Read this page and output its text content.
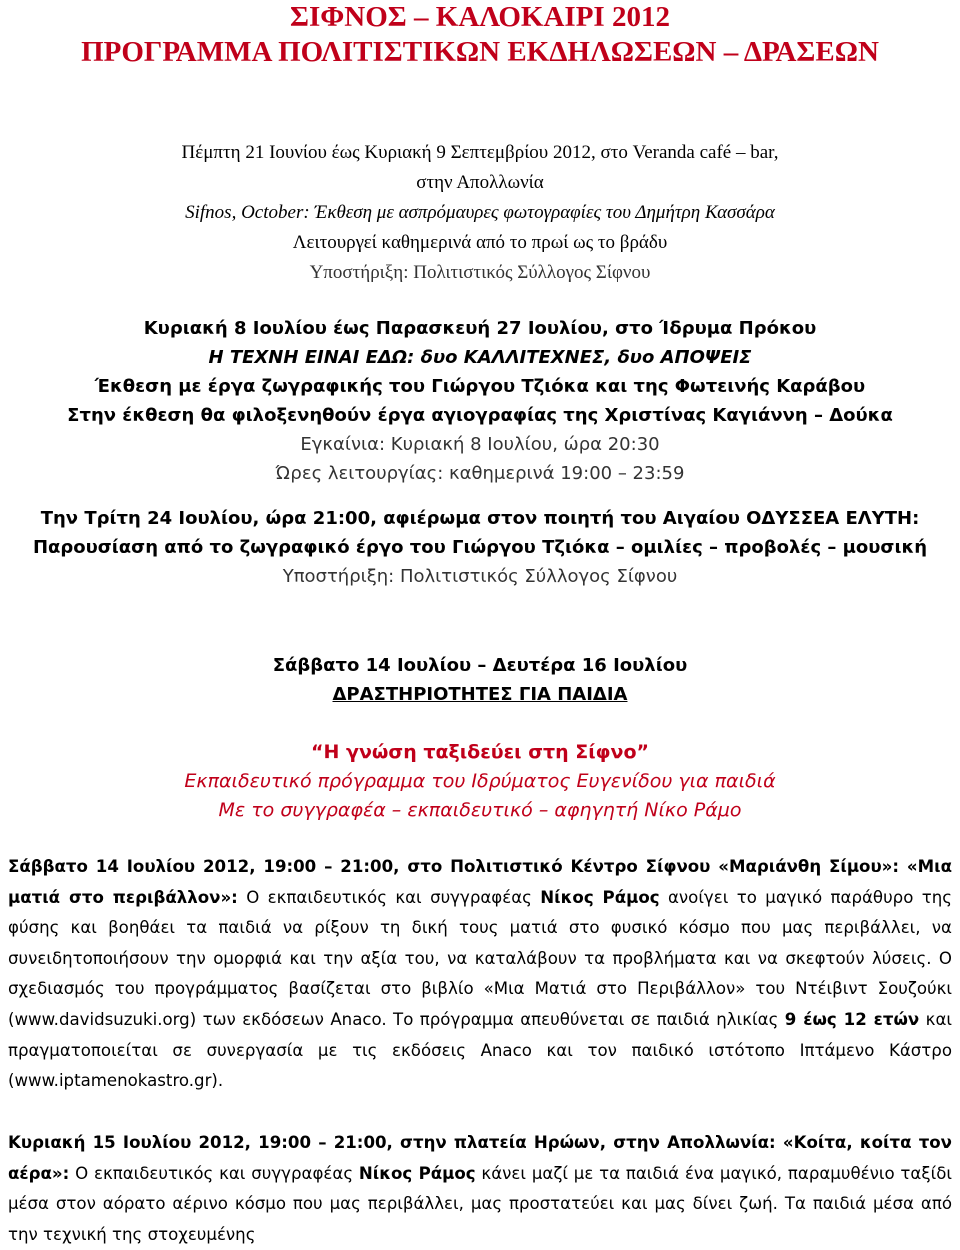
ΣΙΦΝΟΣ – ΚΑΛΟΚΑΙΡΙ 2012
ΠΡΟΓΡΑΜΜΑ ΠΟΛΙΤΙΣΤΙΚΩΝ ΕΚΔΗΛΩΣΕΩΝ – ΔΡΑΣΕΩΝ
Πέμπτη 21 Ιουνίου έως Κυριακή 9 Σεπτεμβρίου 2012, στο Veranda café – bar,
στην Απολλωνία
Sifnos, October: Έκθεση με ασπρόμαυρες φωτογραφίες του Δημήτρη Κασσάρα
Λειτουργεί καθημερινά από το πρωί ως το βράδυ
Υποστήριξη: Πολιτιστικός Σύλλογος Σίφνου
Κυριακή 8 Ιουλίου έως Παρασκευή 27 Ιουλίου, στο Ίδρυμα Πρόκου
Η ΤΕΧΝΗ ΕΙΝΑΙ ΕΔΩ: δυο ΚΑΛΛΙΤΕΧΝΕΣ, δυο ΑΠΟΨΕΙΣ
Έκθεση με έργα ζωγραφικής του Γιώργου Τζιόκα και της Φωτεινής Καράβου
Στην έκθεση θα φιλοξενηθούν έργα αγιογραφίας της Χριστίνας Καγιάννη – Δούκα
Εγκαίνια: Κυριακή 8 Ιουλίου, ώρα 20:30
Ώρες λειτουργίας: καθημερινά 19:00 – 23:59
Την Τρίτη 24 Ιουλίου, ώρα 21:00, αφιέρωμα στον ποιητή του Αιγαίου ΟΔΥΣΣΕΑ ΕΛΥΤΗ:
Παρουσίαση από το ζωγραφικό έργο του Γιώργου Τζιόκα – ομιλίες – προβολές – μουσική
Υποστήριξη: Πολιτιστικός Σύλλογος Σίφνου
Σάββατο 14 Ιουλίου – Δευτέρα 16 Ιουλίου
ΔΡΑΣΤΗΡΙΟΤΗΤΕΣ ΓΙΑ ΠΑΙΔΙΑ
“Η γνώση ταξιδεύει στη Σίφνο”
Εκπαιδευτικό πρόγραμμα του Ιδρύματος Ευγενίδου για παιδιά
Με το συγγραφέα – εκπαιδευτικό – αφηγητή Νίκο Ράμο
Σάββατο 14 Ιουλίου 2012, 19:00 – 21:00, στο Πολιτιστικό Κέντρο Σίφνου «Μαριάνθη Σίμου»: «Μια ματιά στο περιβάλλον»: Ο εκπαιδευτικός και συγγραφέας Νίκος Ράμος ανοίγει το μαγικό παράθυρο της φύσης και βοηθάει τα παιδιά να ρίξουν τη δική τους ματιά στο φυσικό κόσμο που μας περιβάλλει, να συνειδητοποιήσουν την ομορφιά και την αξία του, να καταλάβουν τα προβλήματα και να σκεφτούν λύσεις. Ο σχεδιασμός του προγράμματος βασίζεται στο βιβλίο «Μια Ματιά στο Περιβάλλον» του Ντέιβιντ Σουζούκι (www.davidsuzuki.org) των εκδόσεων Anaco. Το πρόγραμμα απευθύνεται σε παιδιά ηλικίας 9 έως 12 ετών και πραγματοποιείται σε συνεργασία με τις εκδόσεις Anaco και τον παιδικό ιστότοπο Ιπτάμενο Κάστρο (www.iptamenokastro.gr).
Κυριακή 15 Ιουλίου 2012, 19:00 – 21:00, στην πλατεία Ηρώων, στην Απολλωνία: «Κοίτα, κοίτα τον αέρα»: Ο εκπαιδευτικός και συγγραφέας Νίκος Ράμος κάνει μαζί με τα παιδιά ένα μαγικό, παραμυθένιο ταξίδι μέσα στον αόρατο αέρινο κόσμο που μας περιβάλλει, μας προστατεύει και μας δίνει ζωή. Τα παιδιά μέσα από την τεχνική της στοχευμένης
